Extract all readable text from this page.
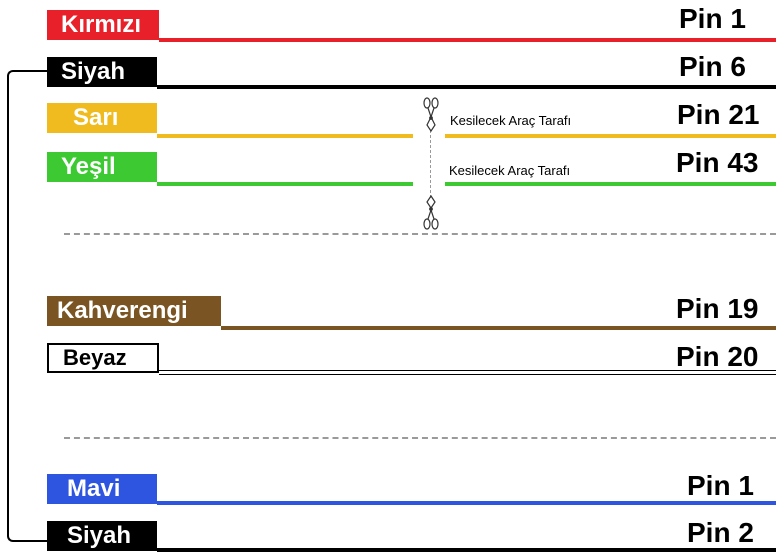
Kırmızı	Pin 1
Siyah	Pin 6
Sarı	Kesilecek Araç Tarafı	Pin 21
Yeşil	Kesilecek Araç Tarafı	Pin 43
Kahverengi	Pin 19
Beyaz	Pin 20
Mavi	Pin 1
Siyah	Pin 2
